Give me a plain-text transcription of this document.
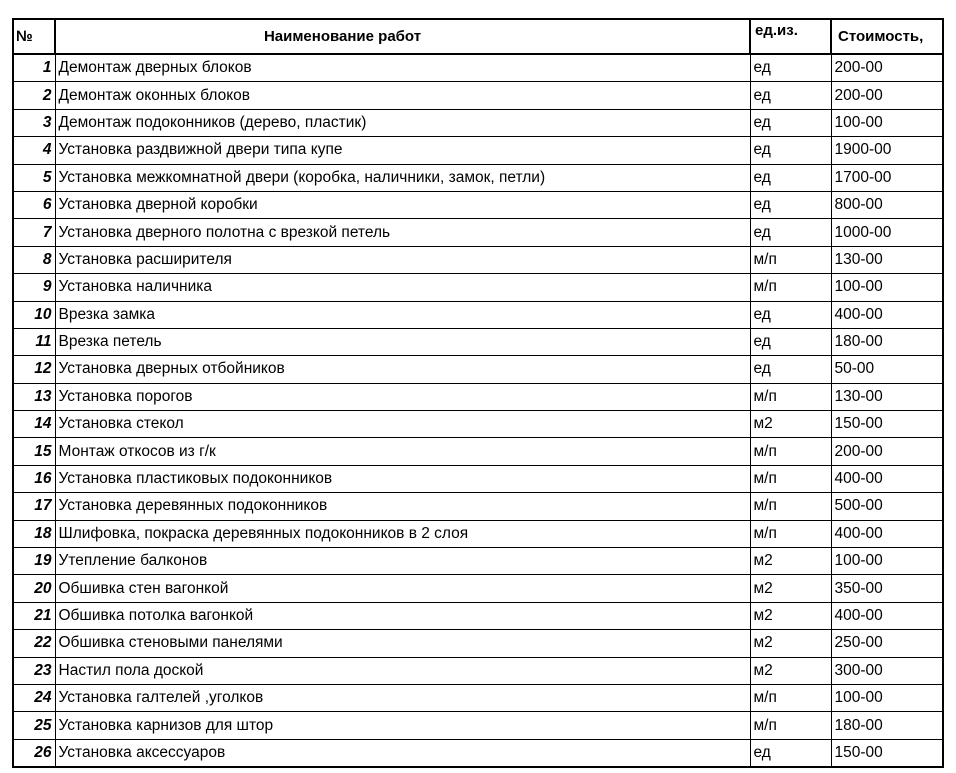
№	Наименование работ	ед.из.	Стоимость,
1	Демонтаж дверных блоков	ед	200-00
2	Демонтаж оконных блоков	ед	200-00
3	Демонтаж подоконников (дерево, пластик)	ед	100-00
4	Установка раздвижной двери типа купе	ед	1900-00
5	Установка межкомнатной двери (коробка, наличники, замок, петли)	ед	1700-00
6	Установка дверной коробки	ед	800-00
7	Установка дверного полотна с врезкой петель	ед	1000-00
8	Установка расширителя	м/п	130-00
9	Установка наличника	м/п	100-00
10	Врезка замка	ед	400-00
11	Врезка петель	ед	180-00
12	Установка дверных отбойников	ед	50-00
13	Установка порогов	м/п	130-00
14	Установка стекол	м2	150-00
15	Монтаж откосов из г/к	м/п	200-00
16	Установка пластиковых подоконников	м/п	400-00
17	Установка деревянных подоконников	м/п	500-00
18	Шлифовка, покраска деревянных подоконников в 2 слоя	м/п	400-00
19	Утепление балконов	м2	100-00
20	Обшивка стен вагонкой	м2	350-00
21	Обшивка потолка вагонкой	м2	400-00
22	Обшивка стеновыми панелями	м2	250-00
23	Настил пола доской	м2	300-00
24	Установка галтелей ,уголков	м/п	100-00
25	Установка карнизов для штор	м/п	180-00
26	Установка аксессуаров	ед	150-00
